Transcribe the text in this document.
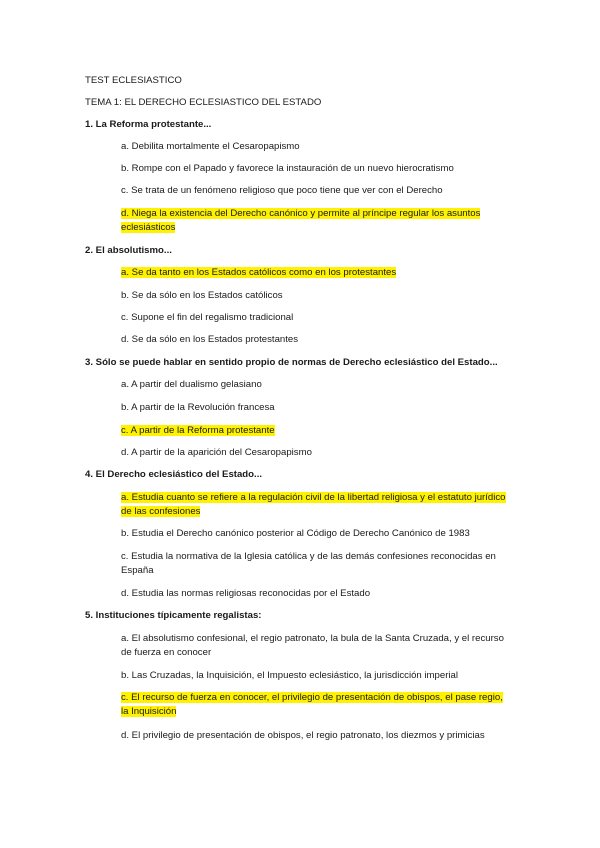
TEST ECLESIASTICO
TEMA 1: EL DERECHO ECLESIASTICO DEL ESTADO
1. La Reforma protestante...
a. Debilita mortalmente el Cesaropapismo
b. Rompe con el Papado y favorece la instauración de un nuevo hierocratismo
c. Se trata de un fenómeno religioso que poco tiene que ver con el Derecho
d. Niega la existencia del Derecho canónico y permite al príncipe regular los asuntos eclesiásticos
2. El absolutismo...
a. Se da tanto en los Estados católicos como en los protestantes
b. Se da sólo en los Estados católicos
c. Supone el fin del regalismo tradicional
d. Se da sólo en los Estados protestantes
3. Sólo se puede hablar en sentido propio de normas de Derecho eclesiástico del Estado...
a. A partir del dualismo gelasiano
b. A partir de la Revolución francesa
c. A partir de la Reforma protestante
d. A partir de la aparición del Cesaropapismo
4. El Derecho eclesiástico del Estado...
a. Estudia cuanto se refiere a la regulación civil de la libertad religiosa y el estatuto jurídico de las confesiones
b. Estudia el Derecho canónico posterior al Código de Derecho Canónico de 1983
c. Estudia la normativa de la Iglesia católica y de las demás confesiones reconocidas en España
d. Estudia las normas religiosas reconocidas por el Estado
5. Instituciones típicamente regalistas:
a. El absolutismo confesional, el regio patronato, la bula de la Santa Cruzada, y el recurso de fuerza en conocer
b. Las Cruzadas, la Inquisición, el Impuesto eclesiástico, la jurisdicción imperial
c. El recurso de fuerza en conocer, el privilegio de presentación de obispos, el pase regio, la Inquisición
d. El privilegio de presentación de obispos, el regio patronato, los diezmos y primicias
